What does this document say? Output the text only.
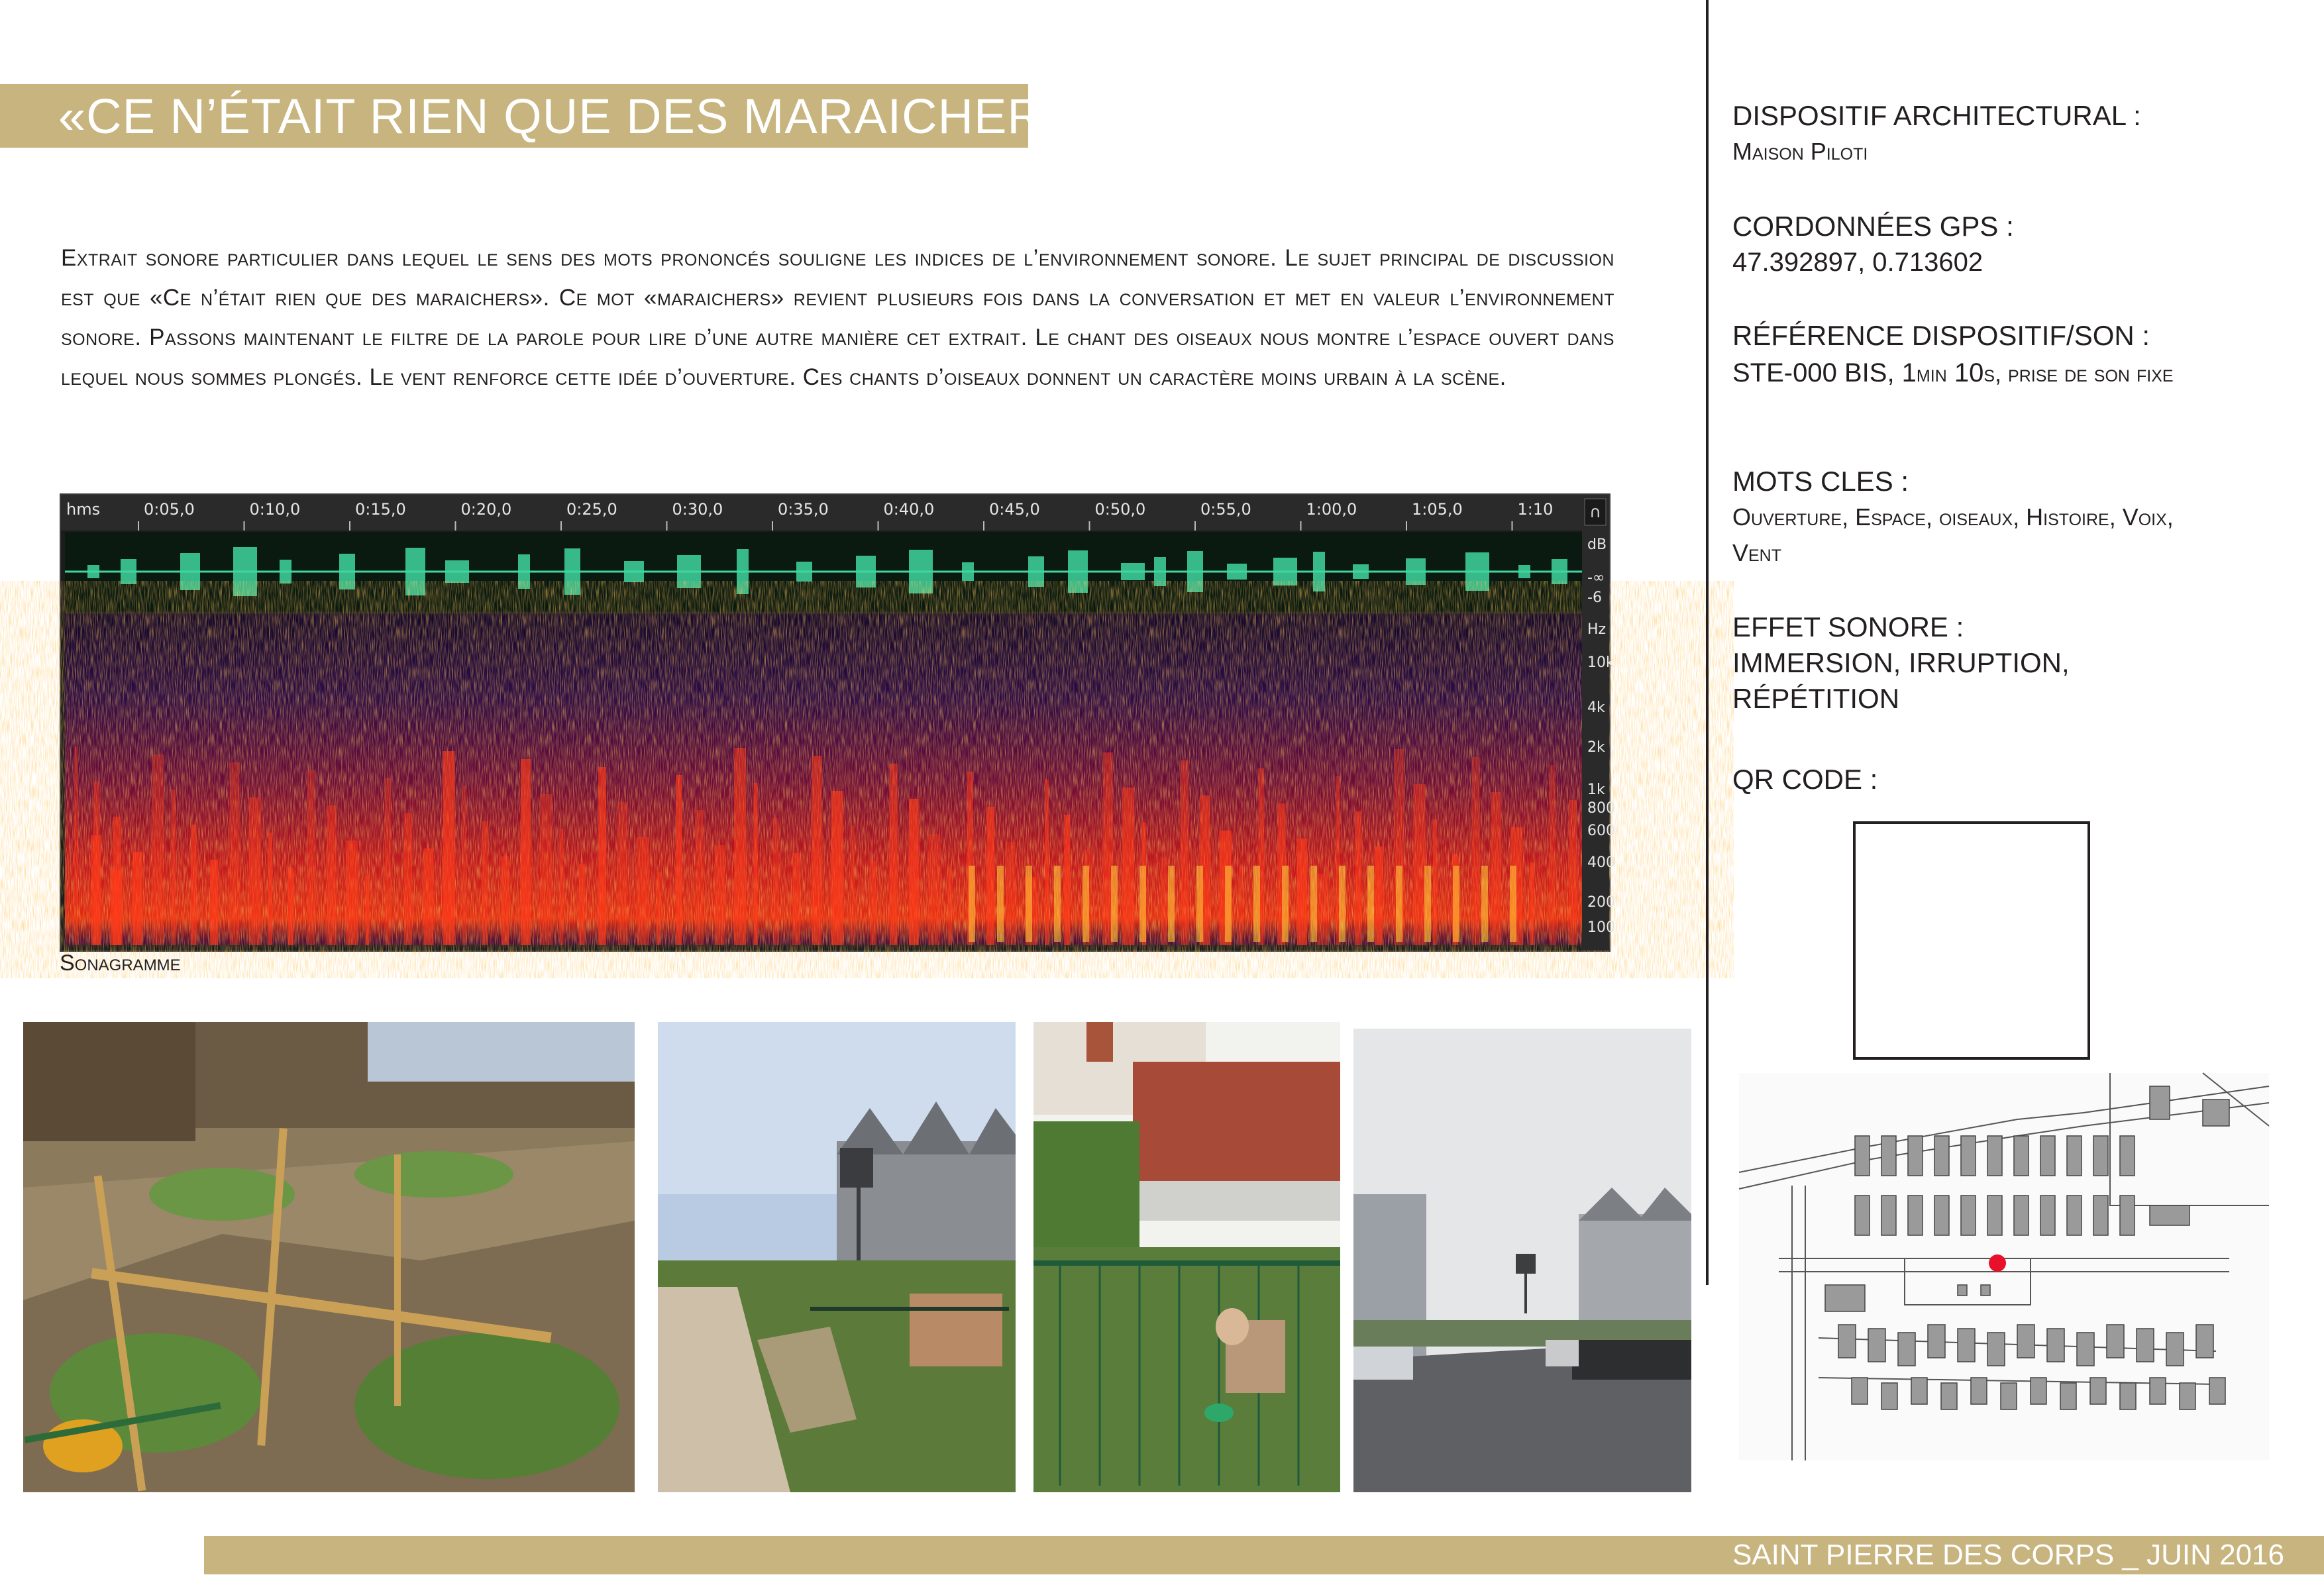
«CE N’ÉTAIT RIEN QUE DES MARAICHERS»
Extrait sonore particulier dans lequel le sens des mots prononcés souligne les indices de l’environnement sonore. Le sujet principal de discussion est que «Ce n’était rien que des maraichers». Ce mot «maraichers» revient plusieurs fois dans la conversation et met en valeur l’environnement sonore. Passons maintenant le filtre de la parole pour lire d’une autre manière cet extrait. Le chant des oiseaux nous montre l’espace ouvert dans lequel nous sommes plongés. Le vent renforce cette idée d’ouverture. Ces chants d’oiseaux donnent un caractère moins urbain à la scène.
hms	0:05,0	0:10,0	0:15,0	0:20,0	0:25,0	0:30,0	0:35,0	0:40,0	0:45,0	0:50,0	0:55,0	1:00,0	1:05,0	1:10
dB
-∞
-6
Hz
10k
4k
2k
1k
800
600
400
200
100
∩
Sonagramme
DISPOSITIF ARCHITECTURAL :
Maison Piloti
CORDONNÉES GPS :
47.392897, 0.713602
RÉFÉRENCE DISPOSITIF/SON :
STE-000 BIS, 1min 10s, prise de son fixe
MOTS CLES :
Ouverture, Espace, oiseaux, Histoire, Voix, Vent
EFFET SONORE :
IMMERSION, IRRUPTION, RÉPÉTITION
QR CODE :
SAINT PIERRE DES CORPS _ JUIN 2016
